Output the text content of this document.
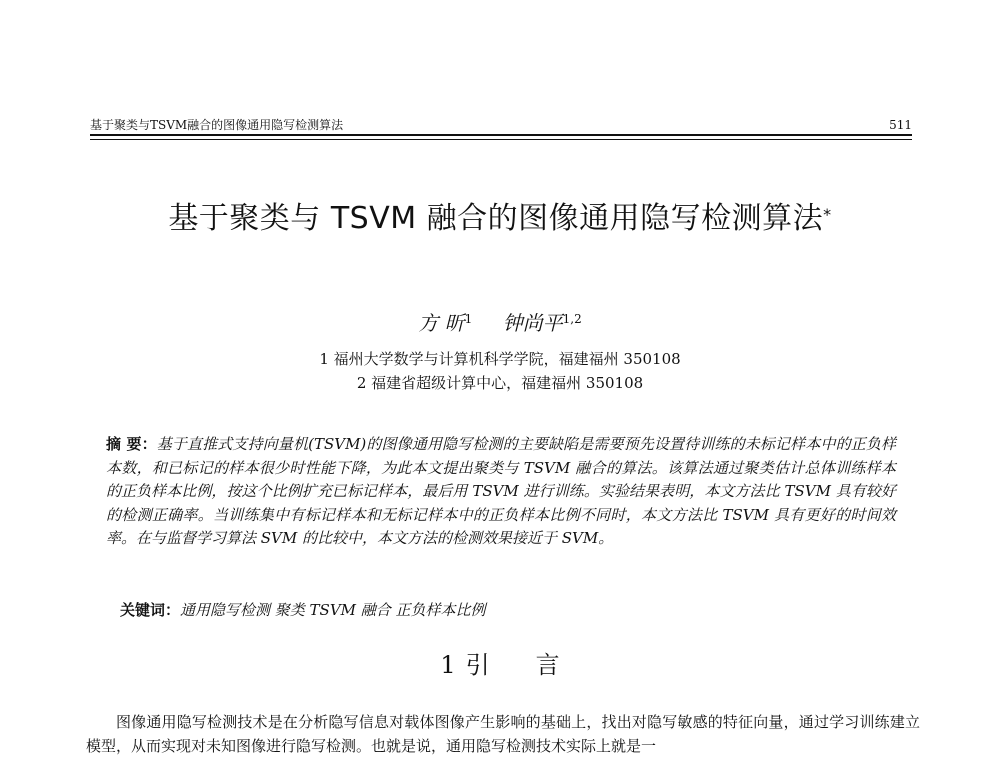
基于聚类与TSVM融合的图像通用隐写检测算法	511
基于聚类与 TSVM 融合的图像通用隐写检测算法*
方 昕$^1$ 钟尚平$^{1,2}$
1 福州大学数学与计算机科学学院，福建福州 350108
2 福建省超级计算中心，福建福州 350108
摘 要：基于直推式支持向量机(TSVM)的图像通用隐写检测的主要缺陷是需要预先设置待训练的未标记样本中的正负样本数，和已标记的样本很少时性能下降，为此本文提出聚类与 TSVM 融合的算法。该算法通过聚类估计总体训练样本的正负样本比例，按这个比例扩充已标记样本，最后用 TSVM 进行训练。实验结果表明，本文方法比 TSVM 具有较好的检测正确率。当训练集中有标记样本和无标记样本中的正负样本比例不同时，本文方法比 TSVM 具有更好的时间效率。在与监督学习算法 SVM 的比较中，本文方法的检测效果接近于 SVM。
关键词：通用隐写检测 聚类 TSVM 融合 正负样本比例
1 引 言
图像通用隐写检测技术是在分析隐写信息对载体图像产生影响的基础上，找出对隐写敏感的特征向量，通过学习训练建立模型，从而实现对未知图像进行隐写检测。也就是说，通用隐写检测技术实际上就是一
